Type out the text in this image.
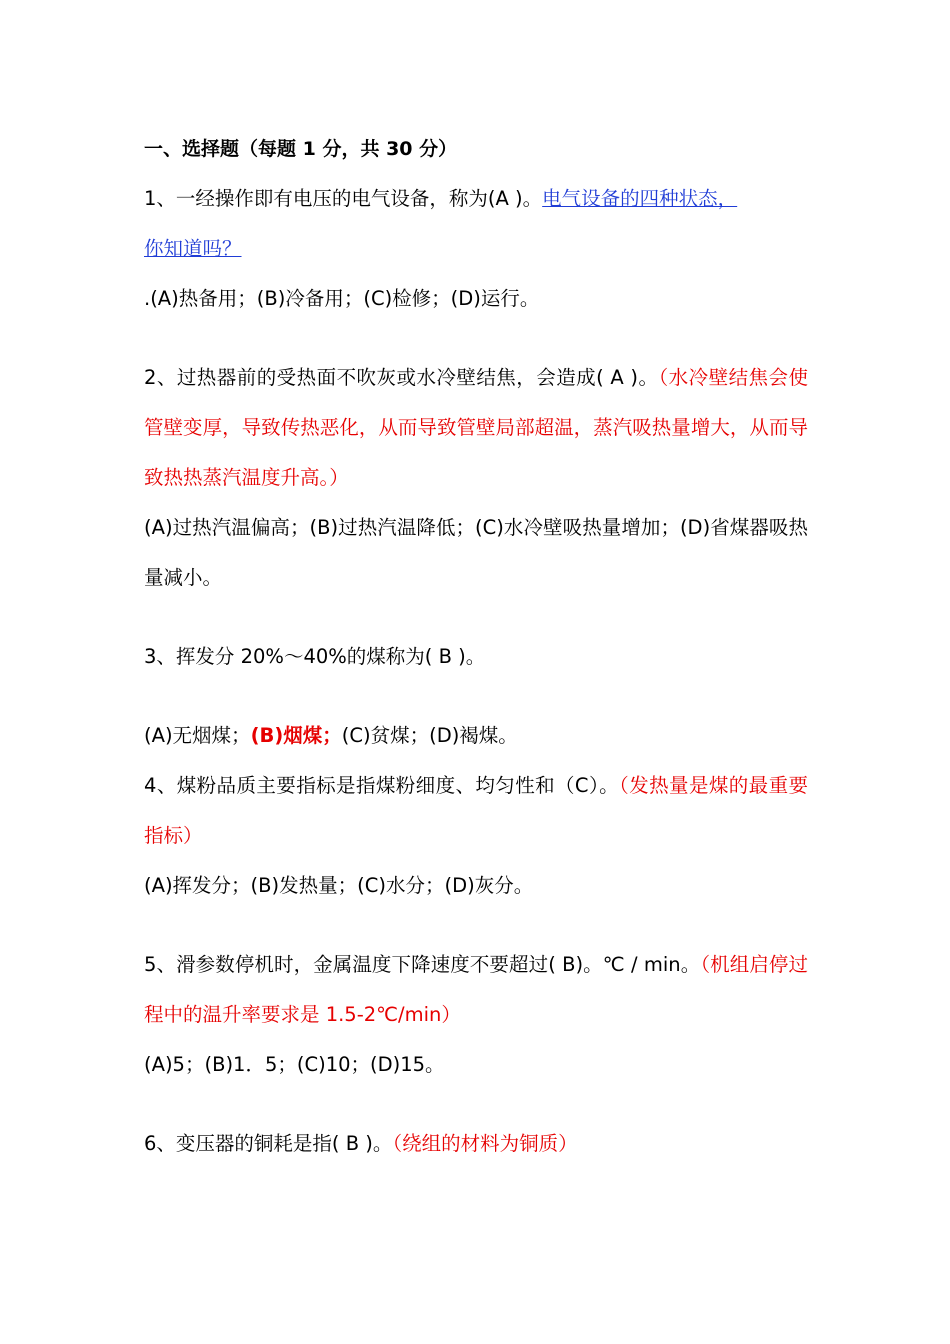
一、选择题（每题 1 分，共 30 分）

1、一经操作即有电压的电气设备，称为(A )。电气设备的四种状态，

你知道吗？

.(A)热备用；(B)冷备用；(C)检修；(D)运行。

2、过热器前的受热面不吹灰或水冷壁结焦，会造成( A )。（水冷壁结焦会使管壁变厚，导致传热恶化，从而导致管壁局部超温，蒸汽吸热量增大，从而导致热热蒸汽温度升高。）

(A)过热汽温偏高；(B)过热汽温降低；(C)水冷壁吸热量增加；(D)省煤器吸热量减小。

3、挥发分 20%～40%的煤称为( B )。

(A)无烟煤；(B)烟煤；(C)贫煤；(D)褐煤。

4、煤粉品质主要指标是指煤粉细度、均匀性和（C）。（发热量是煤的最重要指标）

(A)挥发分；(B)发热量；(C)水分；(D)灰分。

5、滑参数停机时，金属温度下降速度不要超过( B)。℃ / min。（机组启停过程中的温升率要求是 1.5-2℃/min）

(A)5；(B)1．5；(C)10；(D)15。

6、变压器的铜耗是指( B )。（绕组的材料为铜质）
